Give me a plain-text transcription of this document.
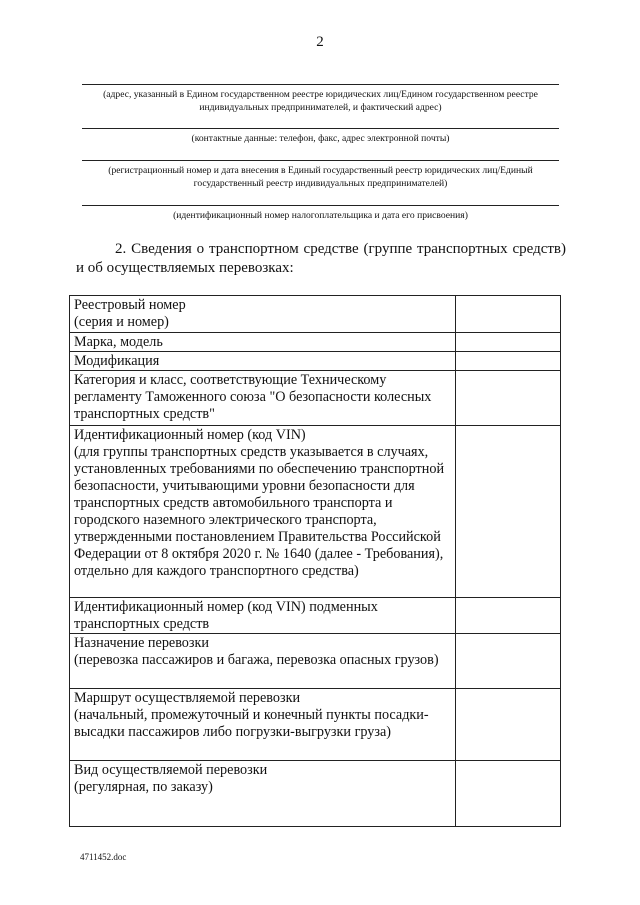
2
(адрес, указанный в Едином государственном реестре юридических лиц/Едином государственном реестре индивидуальных предпринимателей, и фактический адрес)
(контактные данные: телефон, факс, адрес электронной почты)
(регистрационный номер и дата внесения в Единый государственный реестр юридических лиц/Единый государственный реестр индивидуальных предпринимателей)
(идентификационный номер налогоплательщика и дата его присвоения)
2. Сведения о транспортном средстве (группе транспортных средств) и об осуществляемых перевозках:
Реестровый номер
(серия и номер)	
Марка, модель	
Модификация	
Категория и класс, соответствующие Техническому регламенту Таможенного союза "О безопасности колесных транспортных средств"	
Идентификационный номер (код VIN)
(для группы транспортных средств указывается в случаях, установленных требованиями по обеспечению транспортной безопасности, учитывающими уровни безопасности для транспортных средств автомобильного транспорта и городского наземного электрического транспорта, утвержденными постановлением Правительства Российской Федерации от 8 октября 2020 г. № 1640 (далее - Требования), отдельно для каждого транспортного средства)	
Идентификационный номер (код VIN) подменных транспортных средств	
Назначение перевозки
(перевозка пассажиров и багажа, перевозка опасных грузов)	
Маршрут осуществляемой перевозки
(начальный, промежуточный и конечный пункты посадки-высадки пассажиров либо погрузки-выгрузки груза)	
Вид осуществляемой перевозки
(регулярная, по заказу)	
4711452.doc
